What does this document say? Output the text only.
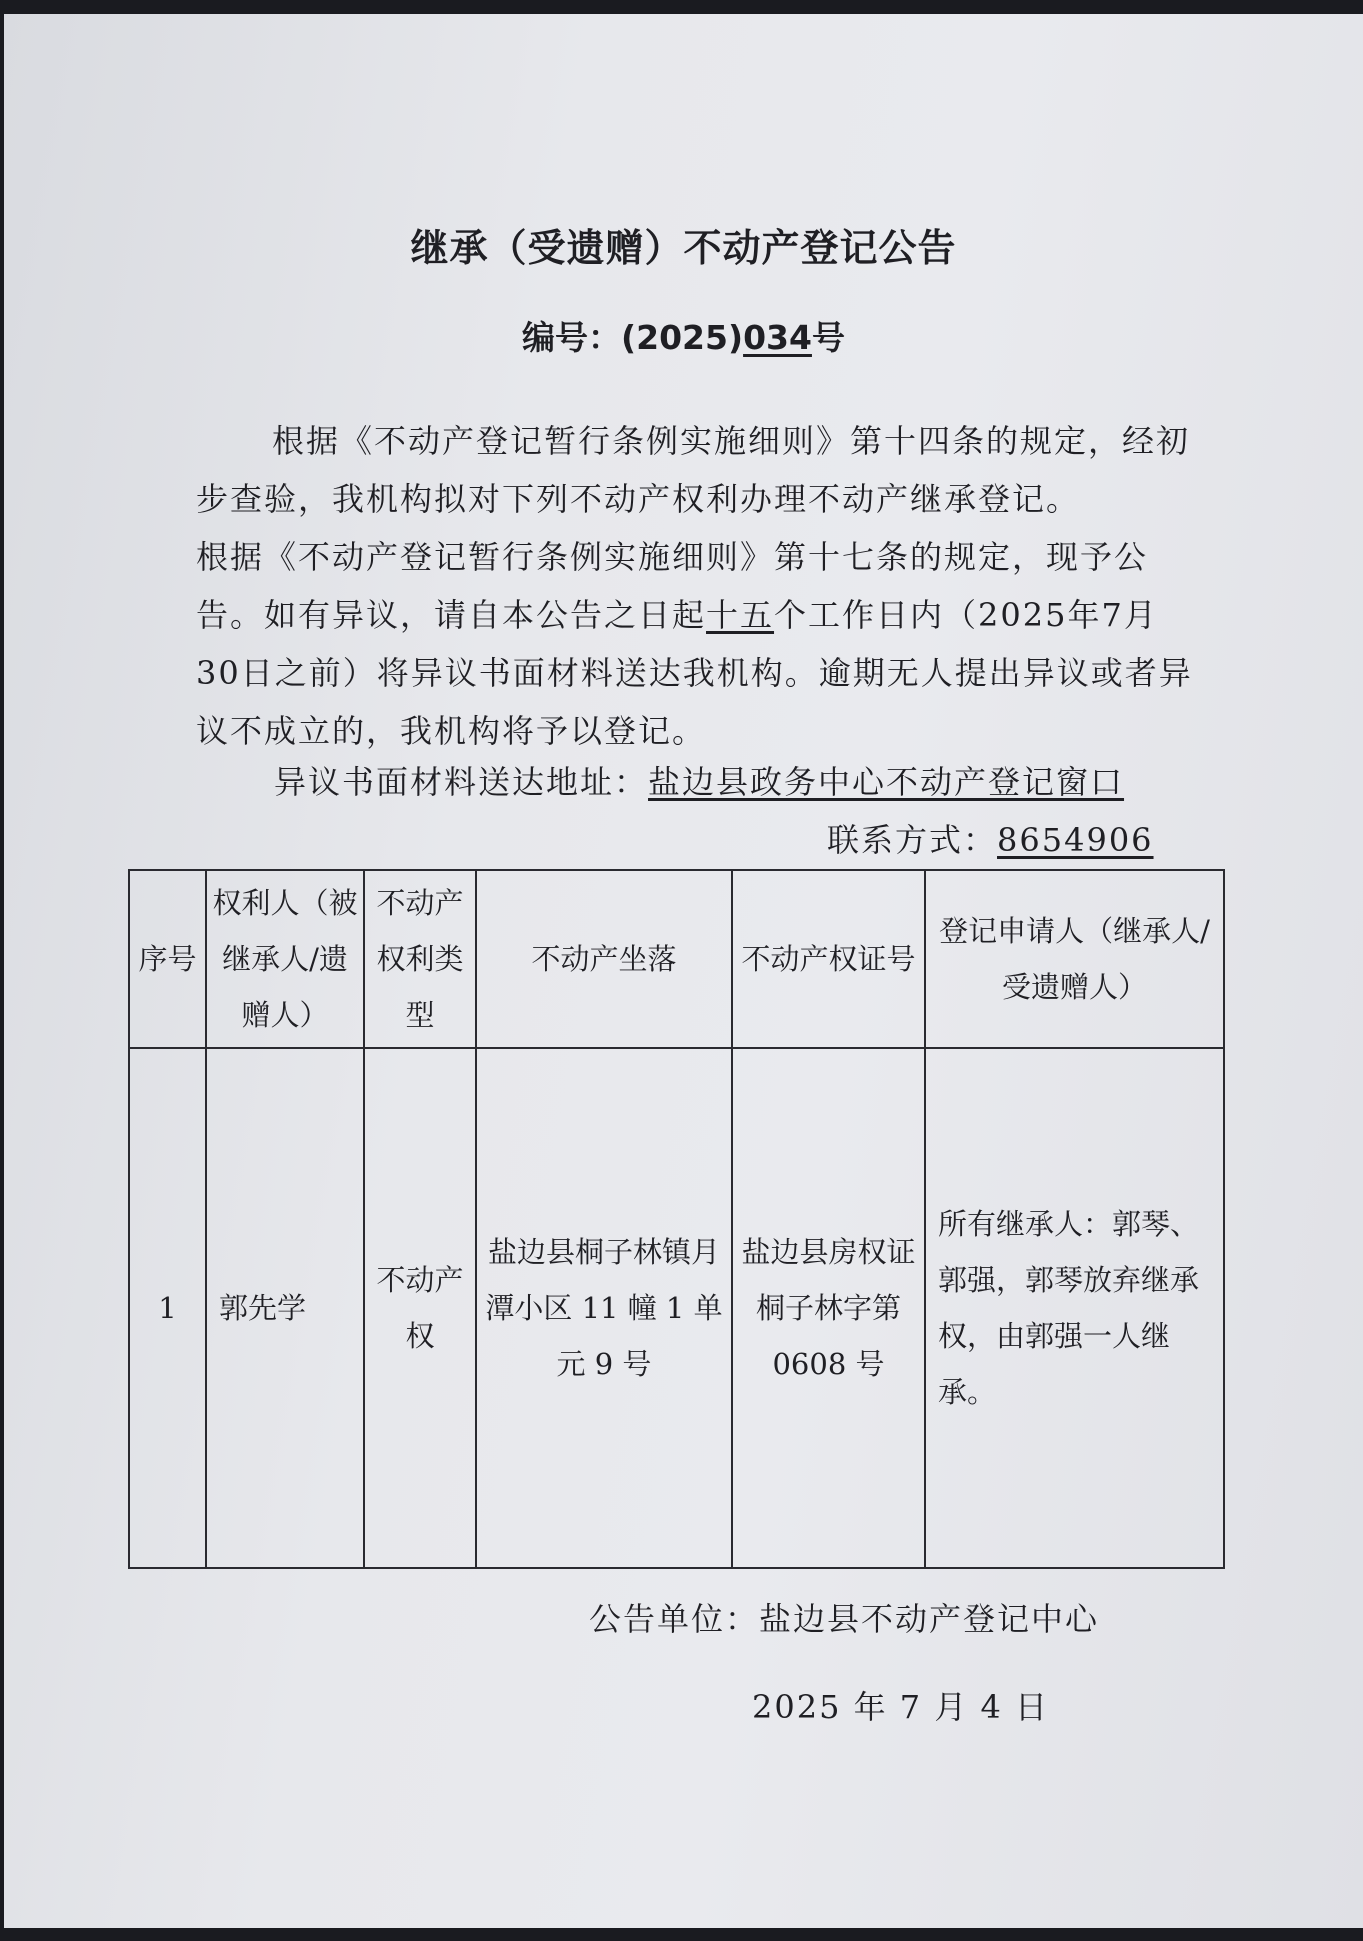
继承（受遗赠）不动产登记公告
编号：(2025)034号

根据《不动产登记暂行条例实施细则》第十四条的规定，经初步查验，我机构拟对下列不动产权利办理不动产继承登记。

根据《不动产登记暂行条例实施细则》第十七条的规定，现予公告。如有异议，请自本公告之日起十五个工作日内（2025年7月30日之前）将异议书面材料送达我机构。逾期无人提出异议或者异议不成立的，我机构将予以登记。

异议书面材料送达地址：盐边县政务中心不动产登记窗口
联系方式：8654906
序号	权利人（被继承人/遗赠人）	不动产权利类型	不动产坐落	不动产权证号	登记申请人（继承人/受遗赠人）
1	郭先学	不动产权	盐边县桐子林镇月潭小区 11 幢 1 单元 9 号	盐边县房权证桐子林字第 0608 号	所有继承人：郭琴、郭强，郭琴放弃继承权，由郭强一人继承。
公告单位：盐边县不动产登记中心
2025 年 7 月 4 日
